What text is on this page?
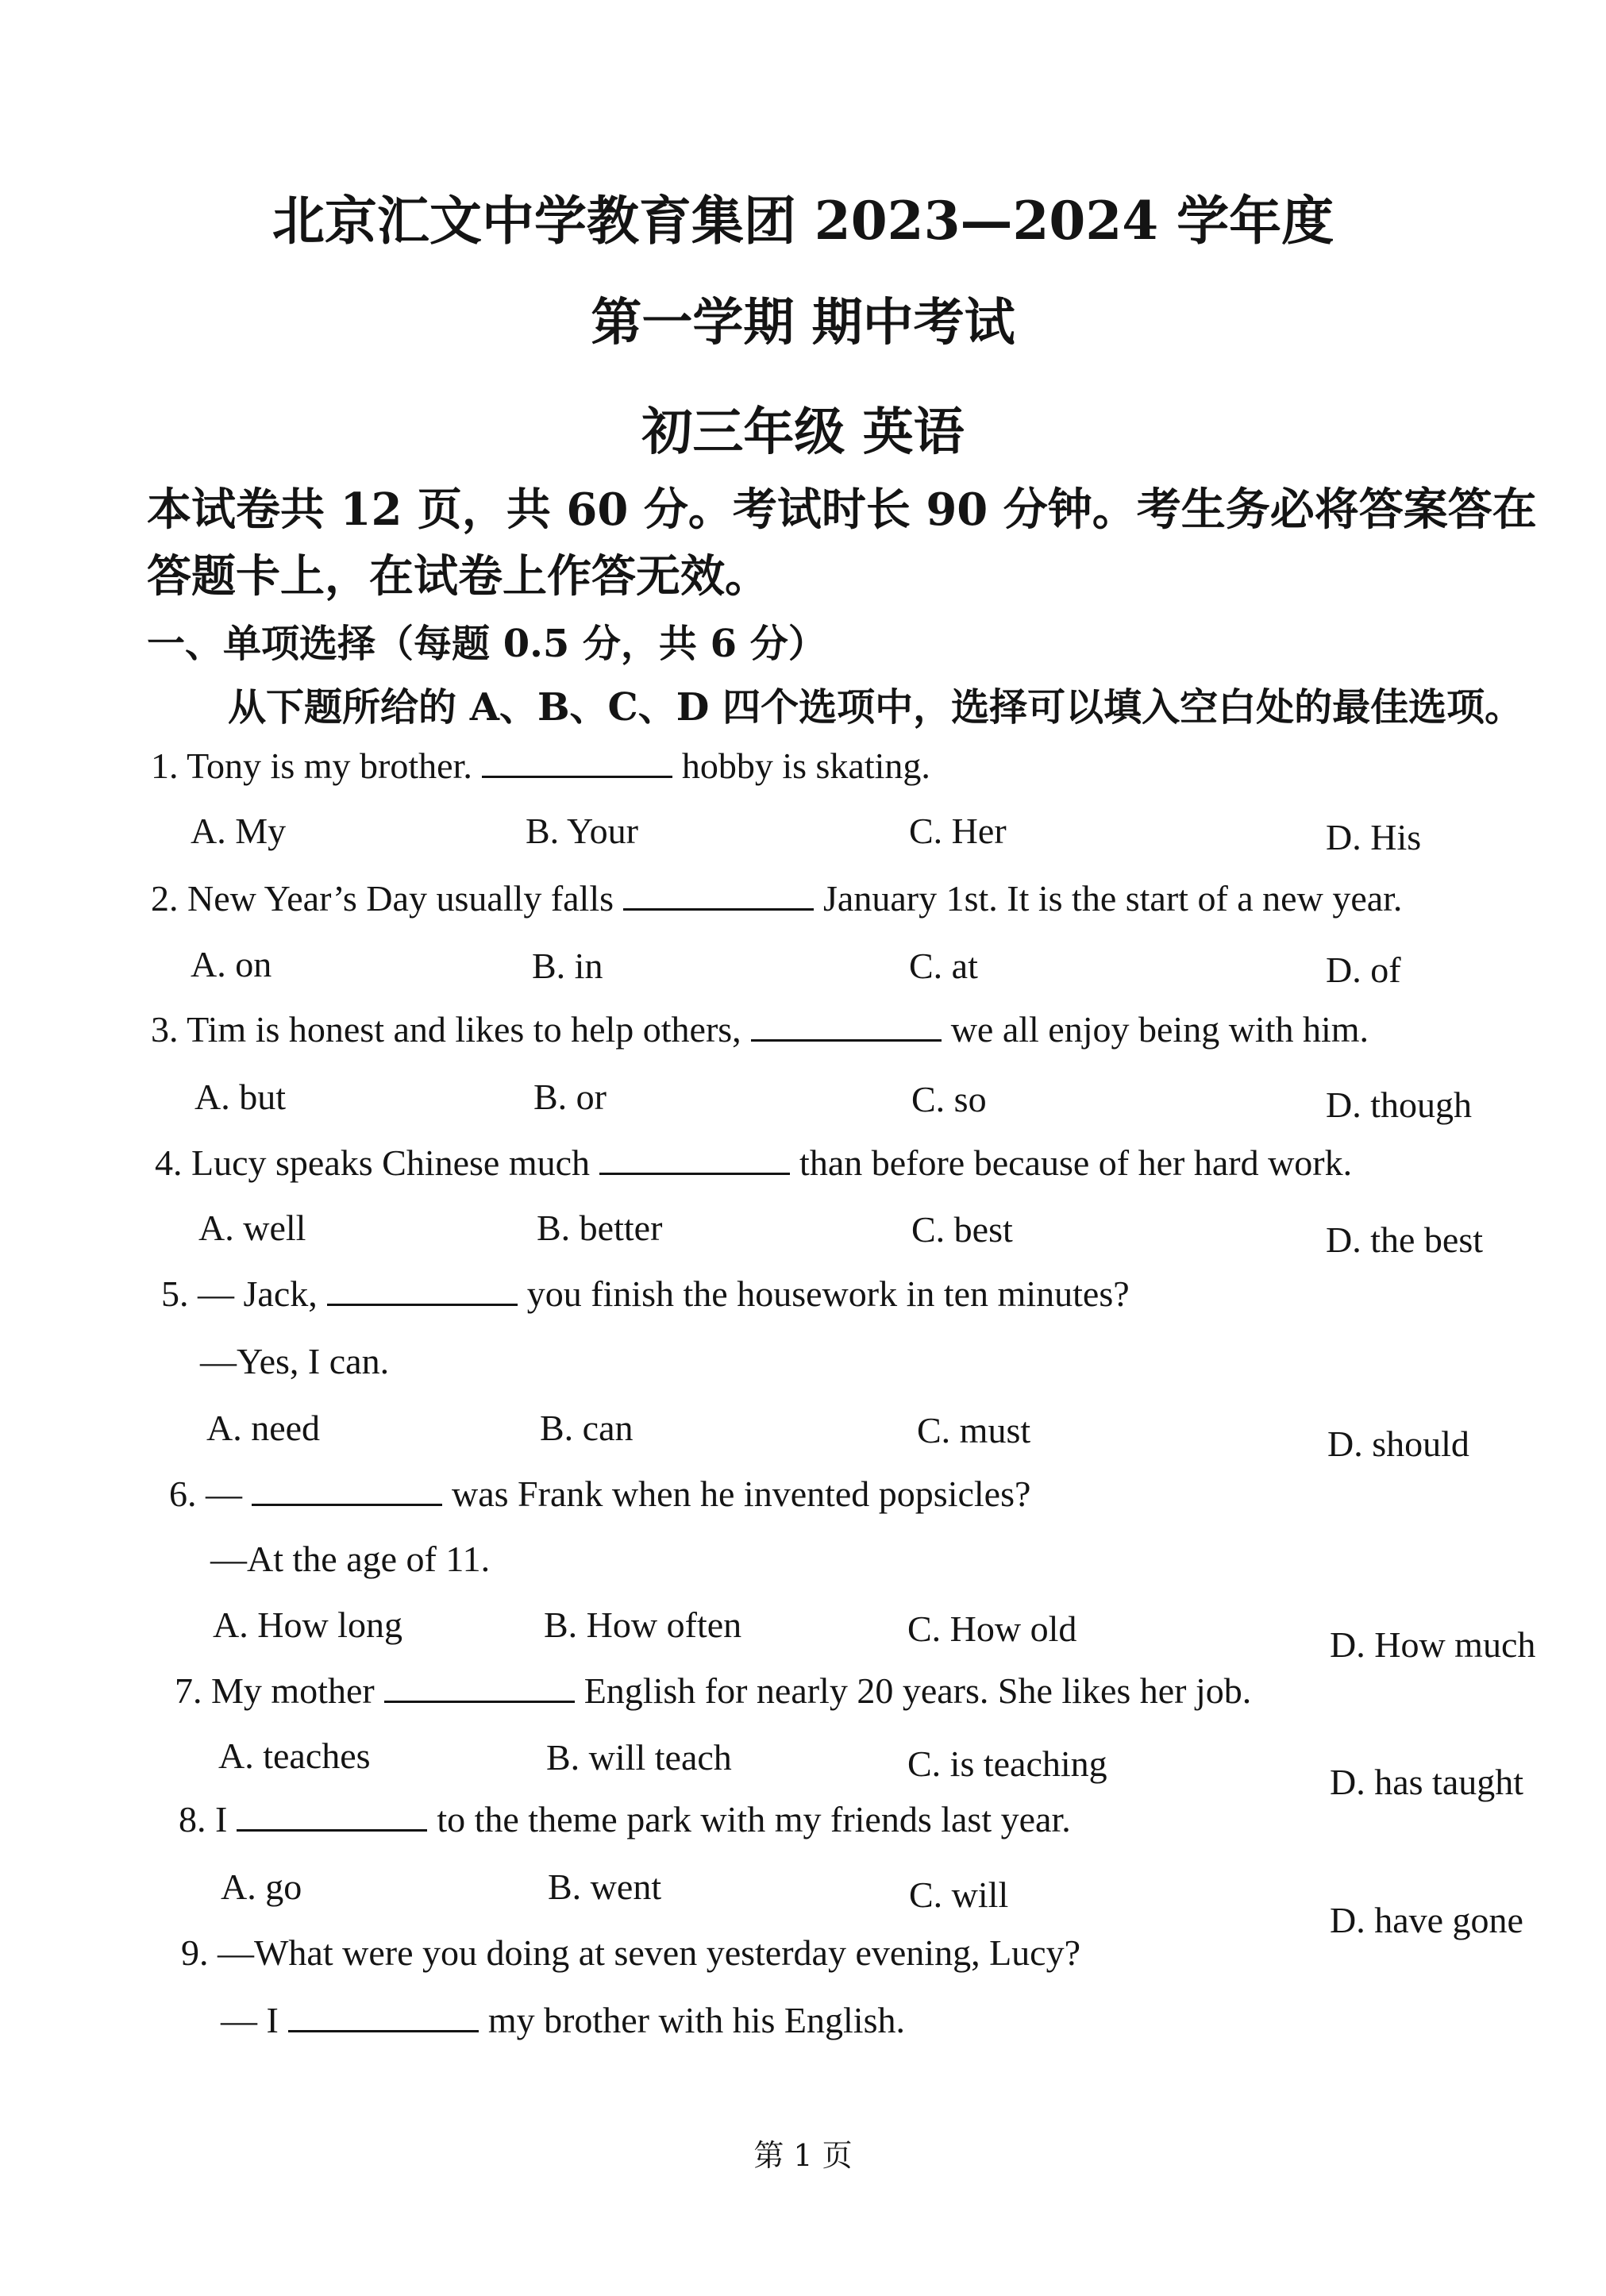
北京汇文中学教育集团 2023—2024 学年度
第一学期 期中考试
初三年级 英语
本试卷共 12 页，共 60 分。考试时长 90 分钟。考生务必将答案答在
答题卡上，在试卷上作答无效。
一、单项选择（每题 0.5 分，共 6 分）
从下题所给的 A、B、C、D 四个选项中，选择可以填入空白处的最佳选项。
1. Tony is my brother.	hobby is skating.
A. My	B. Your	C. Her	D. His
2. New Year’s Day usually falls	January 1st. It is the start of a new year.
A. on	B. in	C. at	D. of
3. Tim is honest and likes to help others,	we all enjoy being with him.
A. but	B. or	C. so	D. though
4. Lucy speaks Chinese much	than before because of her hard work.
A. well	B. better	C. best	D. the best
5. — Jack,	you finish the housework in ten minutes?
—Yes, I can.
A. need	B. can	C. must	D. should
6. —	was Frank when he invented popsicles?
—At the age of 11.
A. How long	B. How often	C. How old	D. How much
7. My mother	English for nearly 20 years. She likes her job.
A. teaches	B. will teach	C. is teaching	D. has taught
8. I	to the theme park with my friends last year.
A. go	B. went	C. will
D. have gone
9. —What were you doing at seven yesterday evening, Lucy?
— I	my brother with his English.
第 1 页
